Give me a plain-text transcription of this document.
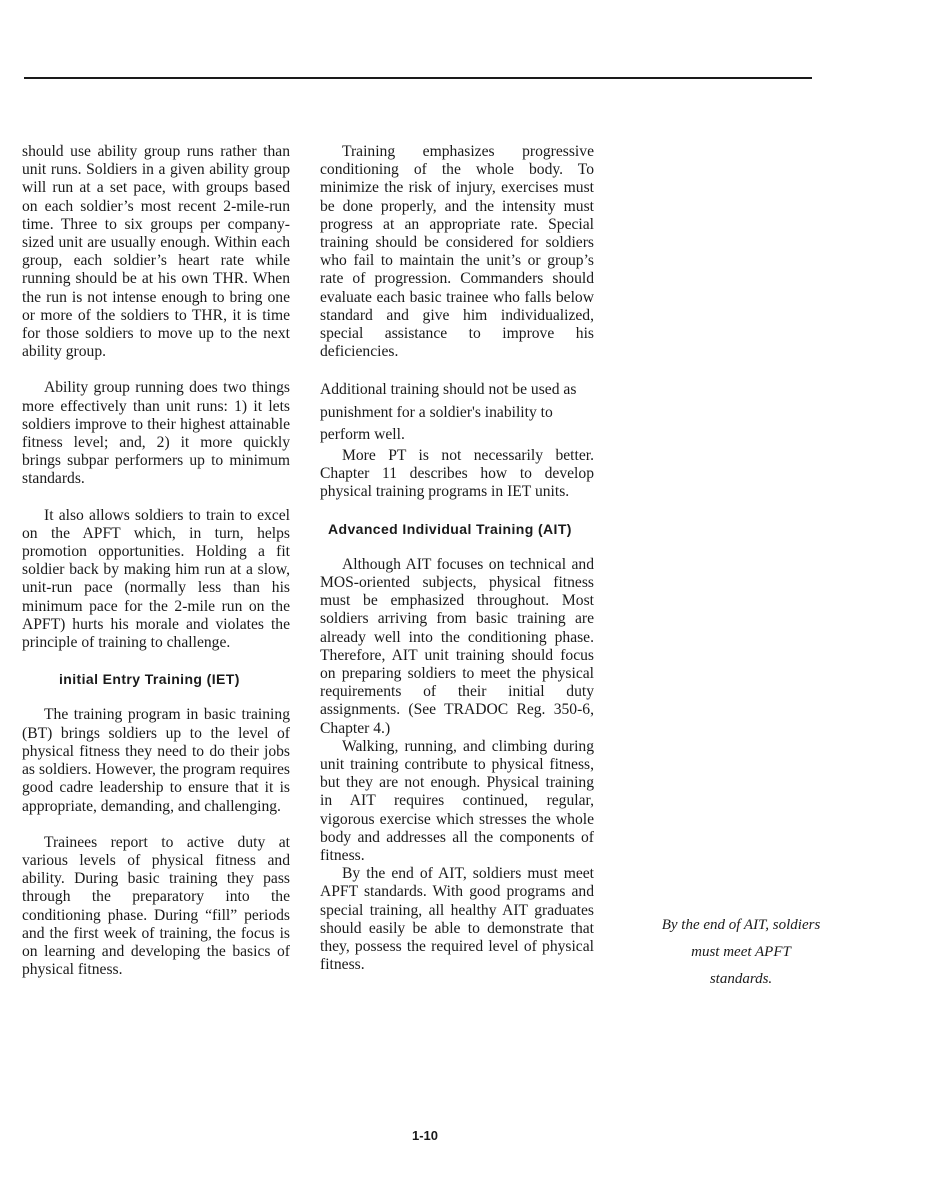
should use ability group runs rather than unit runs. Soldiers in a given ability group will run at a set pace, with groups based on each soldier’s most recent 2-mile-run time. Three to six groups per company-sized unit are usually enough. Within each group, each soldier’s heart rate while running should be at his own THR. When the run is not intense enough to bring one or more of the soldiers to THR, it is time for those soldiers to move up to the next ability group.

Ability group running does two things more effectively than unit runs: 1) it lets soldiers improve to their highest attainable fitness level; and, 2) it more quickly brings subpar performers up to minimum standards.

It also allows soldiers to train to excel on the APFT which, in turn, helps promotion opportunities. Holding a fit soldier back by making him run at a slow, unit-run pace (normally less than his minimum pace for the 2-mile run on the APFT) hurts his morale and violates the principle of training to challenge.

initial Entry Training (IET)

The training program in basic training (BT) brings soldiers up to the level of physical fitness they need to do their jobs as soldiers. However, the program requires good cadre leadership to ensure that it is appropriate, demanding, and challenging.

Trainees report to active duty at various levels of physical fitness and ability. During basic training they pass through the preparatory into the conditioning phase. During “fill” periods and the first week of training, the focus is on learning and developing the basics of physical fitness.

Training emphasizes progressive conditioning of the whole body. To minimize the risk of injury, exercises must be done properly, and the intensity must progress at an appropriate rate. Special training should be considered for soldiers who fail to maintain the unit’s or group’s rate of progression. Commanders should evaluate each basic trainee who falls below standard and give him individualized, special assistance to improve his deficiencies.

Additional training should not be used as punishment for a soldier's inability to perform well.

More PT is not necessarily better. Chapter 11 describes how to develop physical training programs in IET units.

Advanced Individual Training (AIT)

Although AIT focuses on technical and MOS-oriented subjects, physical fitness must be emphasized throughout. Most soldiers arriving from basic training are already well into the conditioning phase. Therefore, AIT unit training should focus on preparing soldiers to meet the physical requirements of their initial duty assignments. (See TRADOC Reg. 350-6, Chapter 4.)

Walking, running, and climbing during unit training contribute to physical fitness, but they are not enough. Physical training in AIT requires continued, regular, vigorous exercise which stresses the whole body and addresses all the components of fitness.

By the end of AIT, soldiers must meet APFT standards. With good programs and special training, all healthy AIT graduates should easily be able to demonstrate that they, possess the required level of physical fitness.

By the end of AIT, soldiers must meet APFT standards.
1-10
